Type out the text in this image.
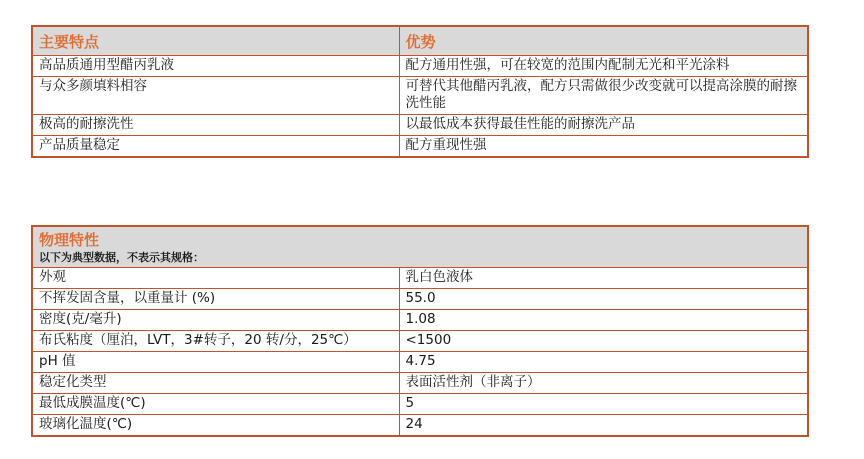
主要特点	优势
高品质通用型醋丙乳液	配方通用性强，可在较宽的范围内配制无光和平光涂料
与众多颜填料相容	可替代其他醋丙乳液，配方只需做很少改变就可以提高涂膜的耐擦洗性能
极高的耐擦洗性	以最低成本获得最佳性能的耐擦洗产品
产品质量稳定	配方重现性强
物理特性
以下为典型数据，不表示其规格：	

外观	乳白色液体
不挥发固含量，以重量计 (%)	55.0
密度(克/毫升)	1.08
布氏粘度（厘泊，LVT，3#转子，20 转/分，25℃）	<1500
pH 值	4.75
稳定化类型	表面活性剂（非离子）
最低成膜温度(℃)	5
玻璃化温度(℃)	24
